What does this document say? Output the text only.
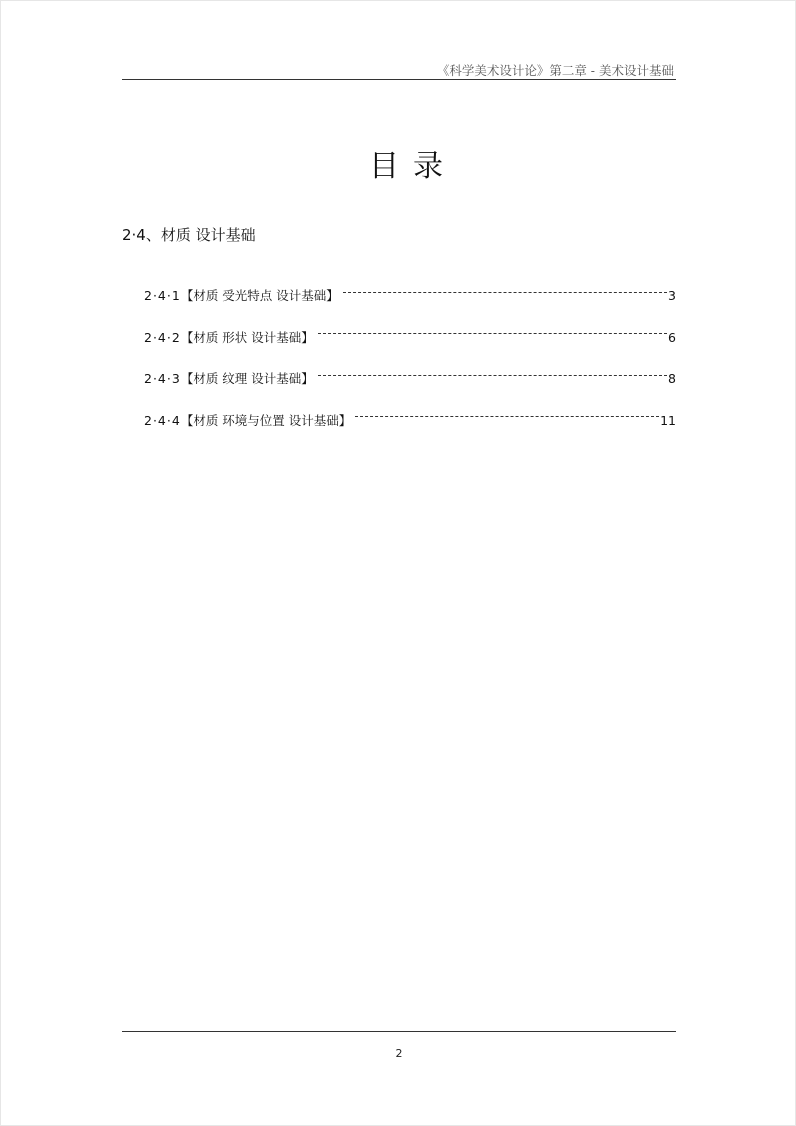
《科学美术设计论》第二章 - 美术设计基础
目录
2·4、材质 设计基础
2·4·1 【材质 受光特点 设计基础】	3
2·4·2 【材质 形状 设计基础】	6
2·4·3 【材质 纹理 设计基础】	8
2·4·4 【材质 环境与位置 设计基础】	11
2
